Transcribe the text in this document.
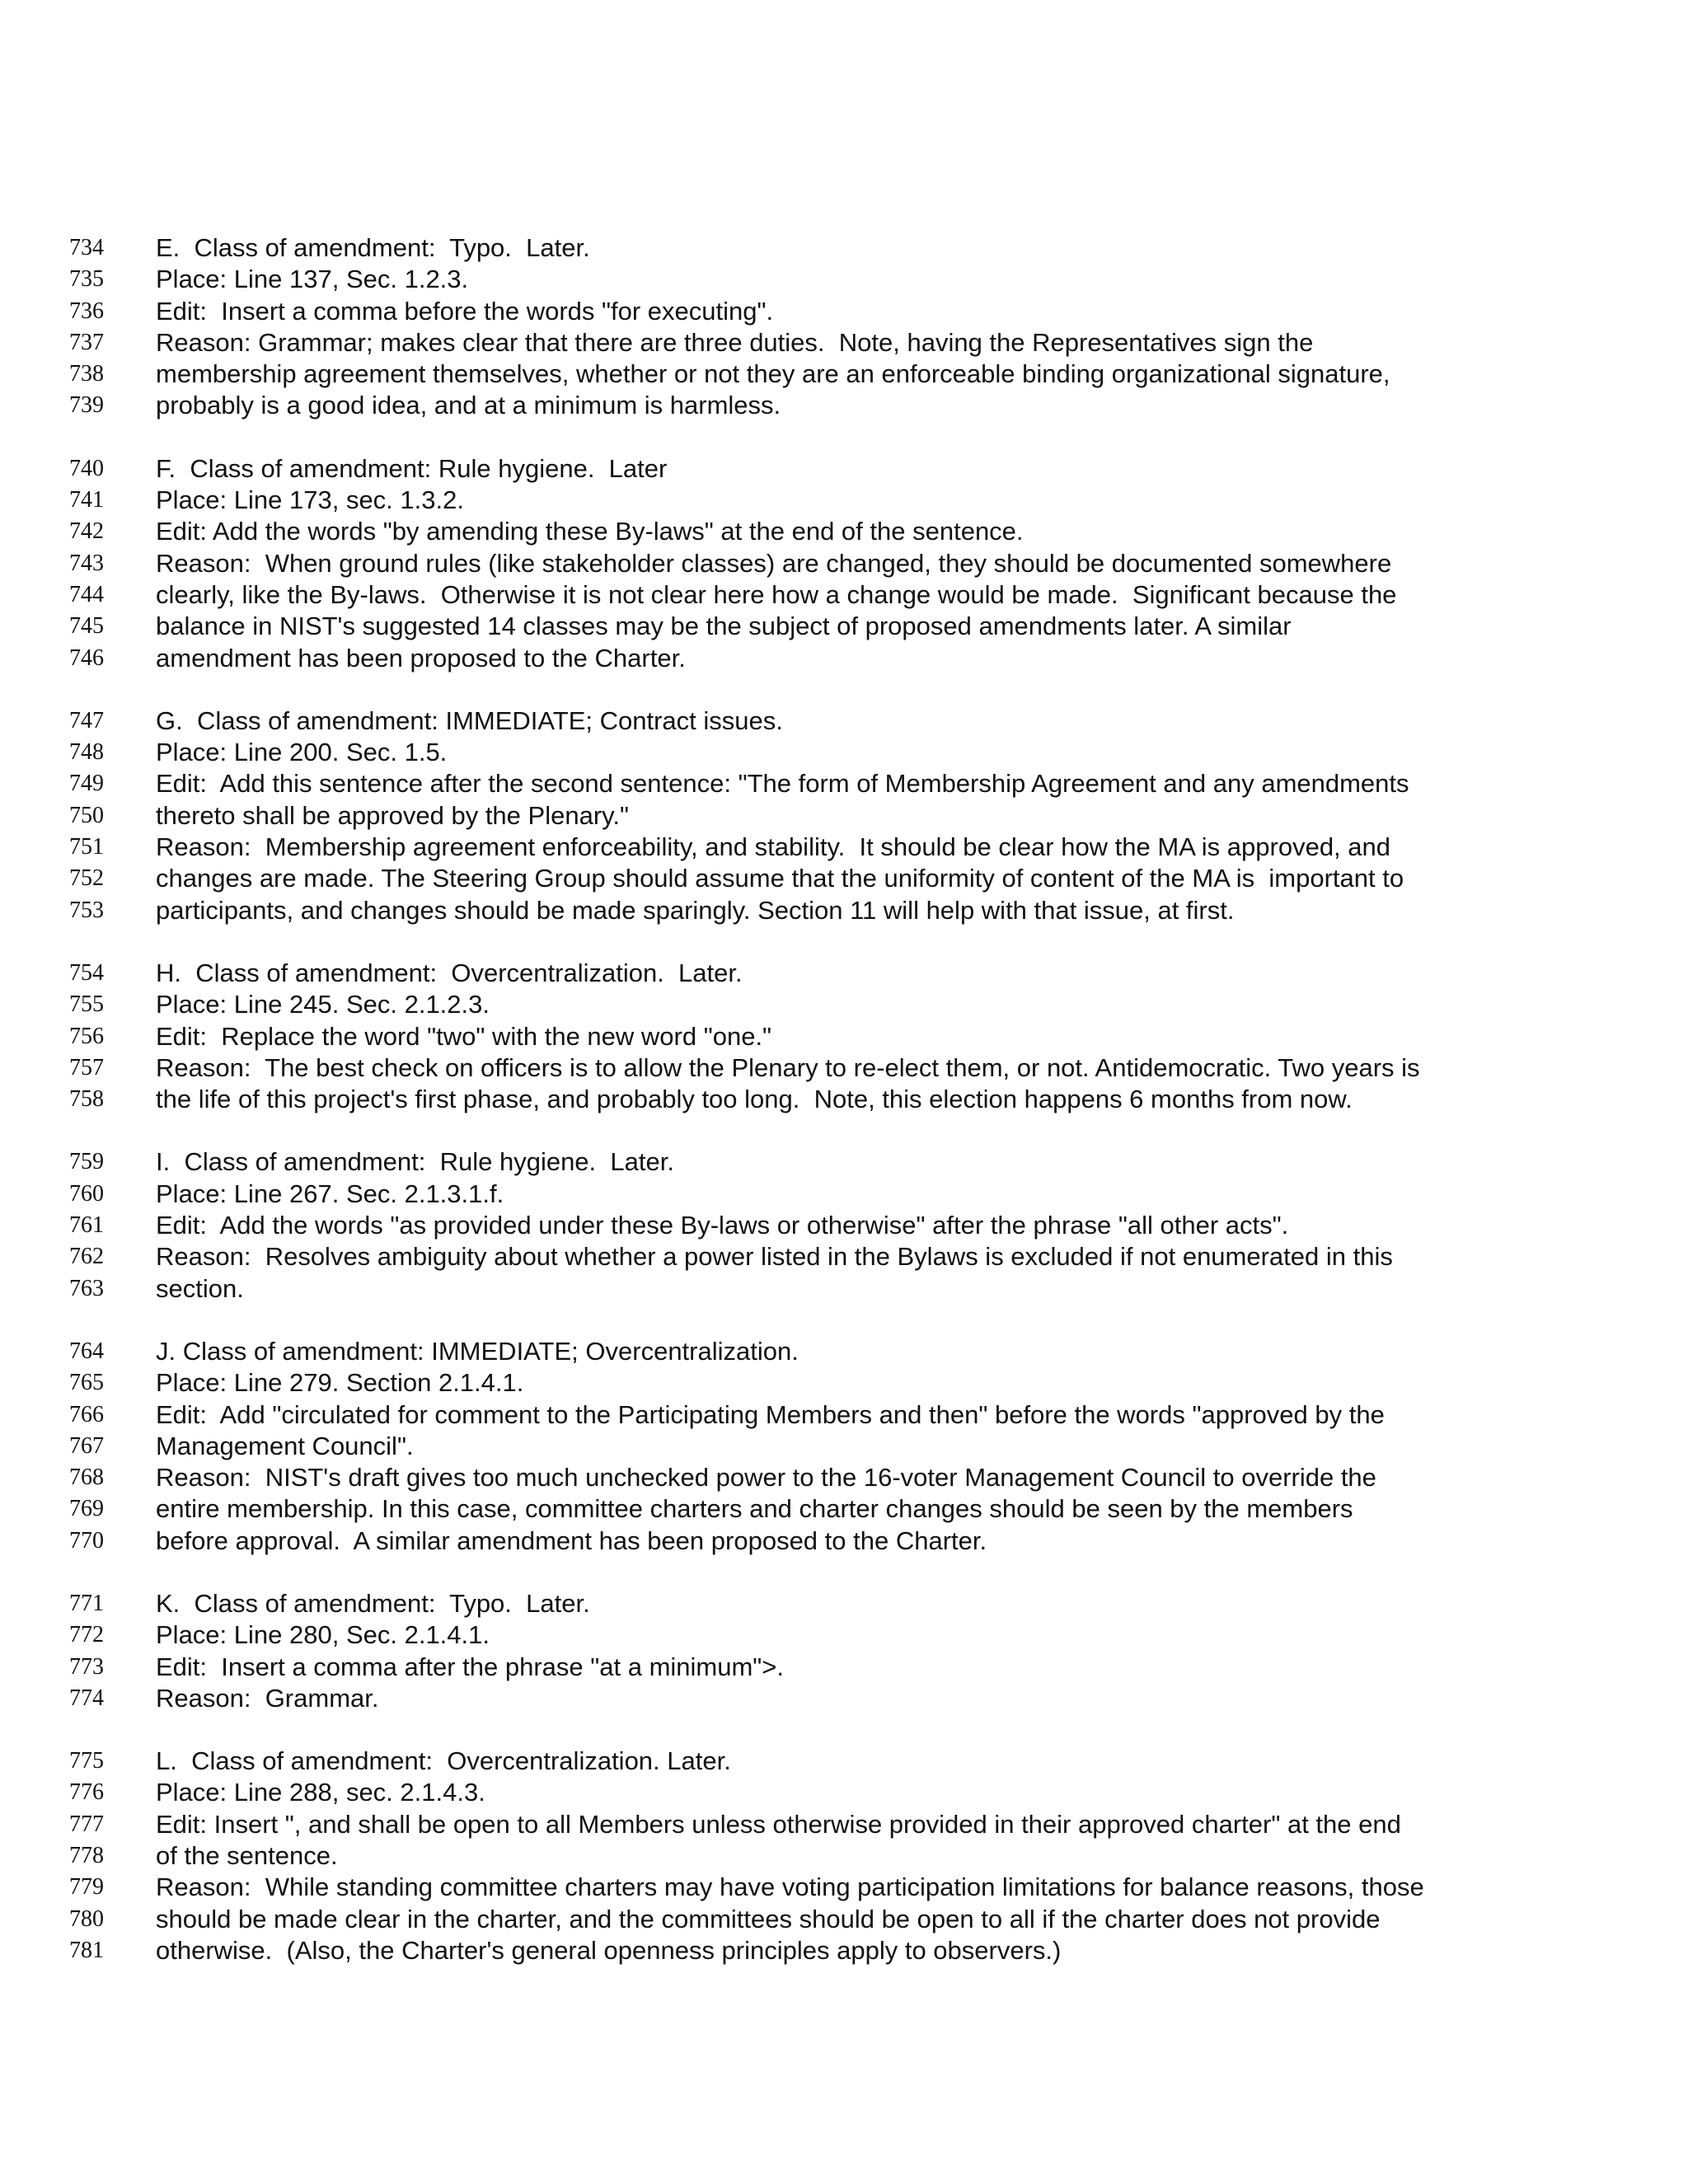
734	E.  Class of amendment:  Typo.  Later.
735	Place: Line 137, Sec. 1.2.3.
736	Edit:  Insert a comma before the words "for executing".
737	Reason: Grammar; makes clear that there are three duties.  Note, having the Representatives sign the
738	membership agreement themselves, whether or not they are an enforceable binding organizational signature,
739	probably is a good idea, and at a minimum is harmless.
740	F.  Class of amendment: Rule hygiene.  Later
741	Place: Line 173, sec. 1.3.2.
742	Edit: Add the words "by amending these By-laws" at the end of the sentence.
743	Reason:  When ground rules (like stakeholder classes) are changed, they should be documented somewhere
744	clearly, like the By-laws.  Otherwise it is not clear here how a change would be made.  Significant because the
745	balance in NIST's suggested 14 classes may be the subject of proposed amendments later. A similar
746	amendment has been proposed to the Charter.
747	G.  Class of amendment: IMMEDIATE; Contract issues.
748	Place: Line 200. Sec. 1.5.
749	Edit:  Add this sentence after the second sentence: "The form of Membership Agreement and any amendments
750	thereto shall be approved by the Plenary."
751	Reason:  Membership agreement enforceability, and stability.  It should be clear how the MA is approved, and
752	changes are made. The Steering Group should assume that the uniformity of content of the MA is  important to
753	participants, and changes should be made sparingly. Section 11 will help with that issue, at first.
754	H.  Class of amendment:  Overcentralization.  Later.
755	Place: Line 245. Sec. 2.1.2.3.
756	Edit:  Replace the word "two" with the new word "one."
757	Reason:  The best check on officers is to allow the Plenary to re-elect them, or not. Antidemocratic. Two years is
758	the life of this project's first phase, and probably too long.  Note, this election happens 6 months from now.
759	I.  Class of amendment:  Rule hygiene.  Later.
760	Place: Line 267. Sec. 2.1.3.1.f.
761	Edit:  Add the words "as provided under these By-laws or otherwise" after the phrase "all other acts".
762	Reason:  Resolves ambiguity about whether a power listed in the Bylaws is excluded if not enumerated in this
763	section.
764	J. Class of amendment: IMMEDIATE; Overcentralization.
765	Place: Line 279. Section 2.1.4.1.
766	Edit:  Add "circulated for comment to the Participating Members and then" before the words "approved by the
767	Management Council".
768	Reason:  NIST's draft gives too much unchecked power to the 16-voter Management Council to override the
769	entire membership. In this case, committee charters and charter changes should be seen by the members
770	before approval.  A similar amendment has been proposed to the Charter.
771	K.  Class of amendment:  Typo.  Later.
772	Place: Line 280, Sec. 2.1.4.1.
773	Edit:  Insert a comma after the phrase "at a minimum">.
774	Reason:  Grammar.
775	L.  Class of amendment:  Overcentralization. Later.
776	Place: Line 288, sec. 2.1.4.3.
777	Edit: Insert ", and shall be open to all Members unless otherwise provided in their approved charter" at the end
778	of the sentence.
779	Reason:  While standing committee charters may have voting participation limitations for balance reasons, those
780	should be made clear in the charter, and the committees should be open to all if the charter does not provide
781	otherwise.  (Also, the Charter's general openness principles apply to observers.)
